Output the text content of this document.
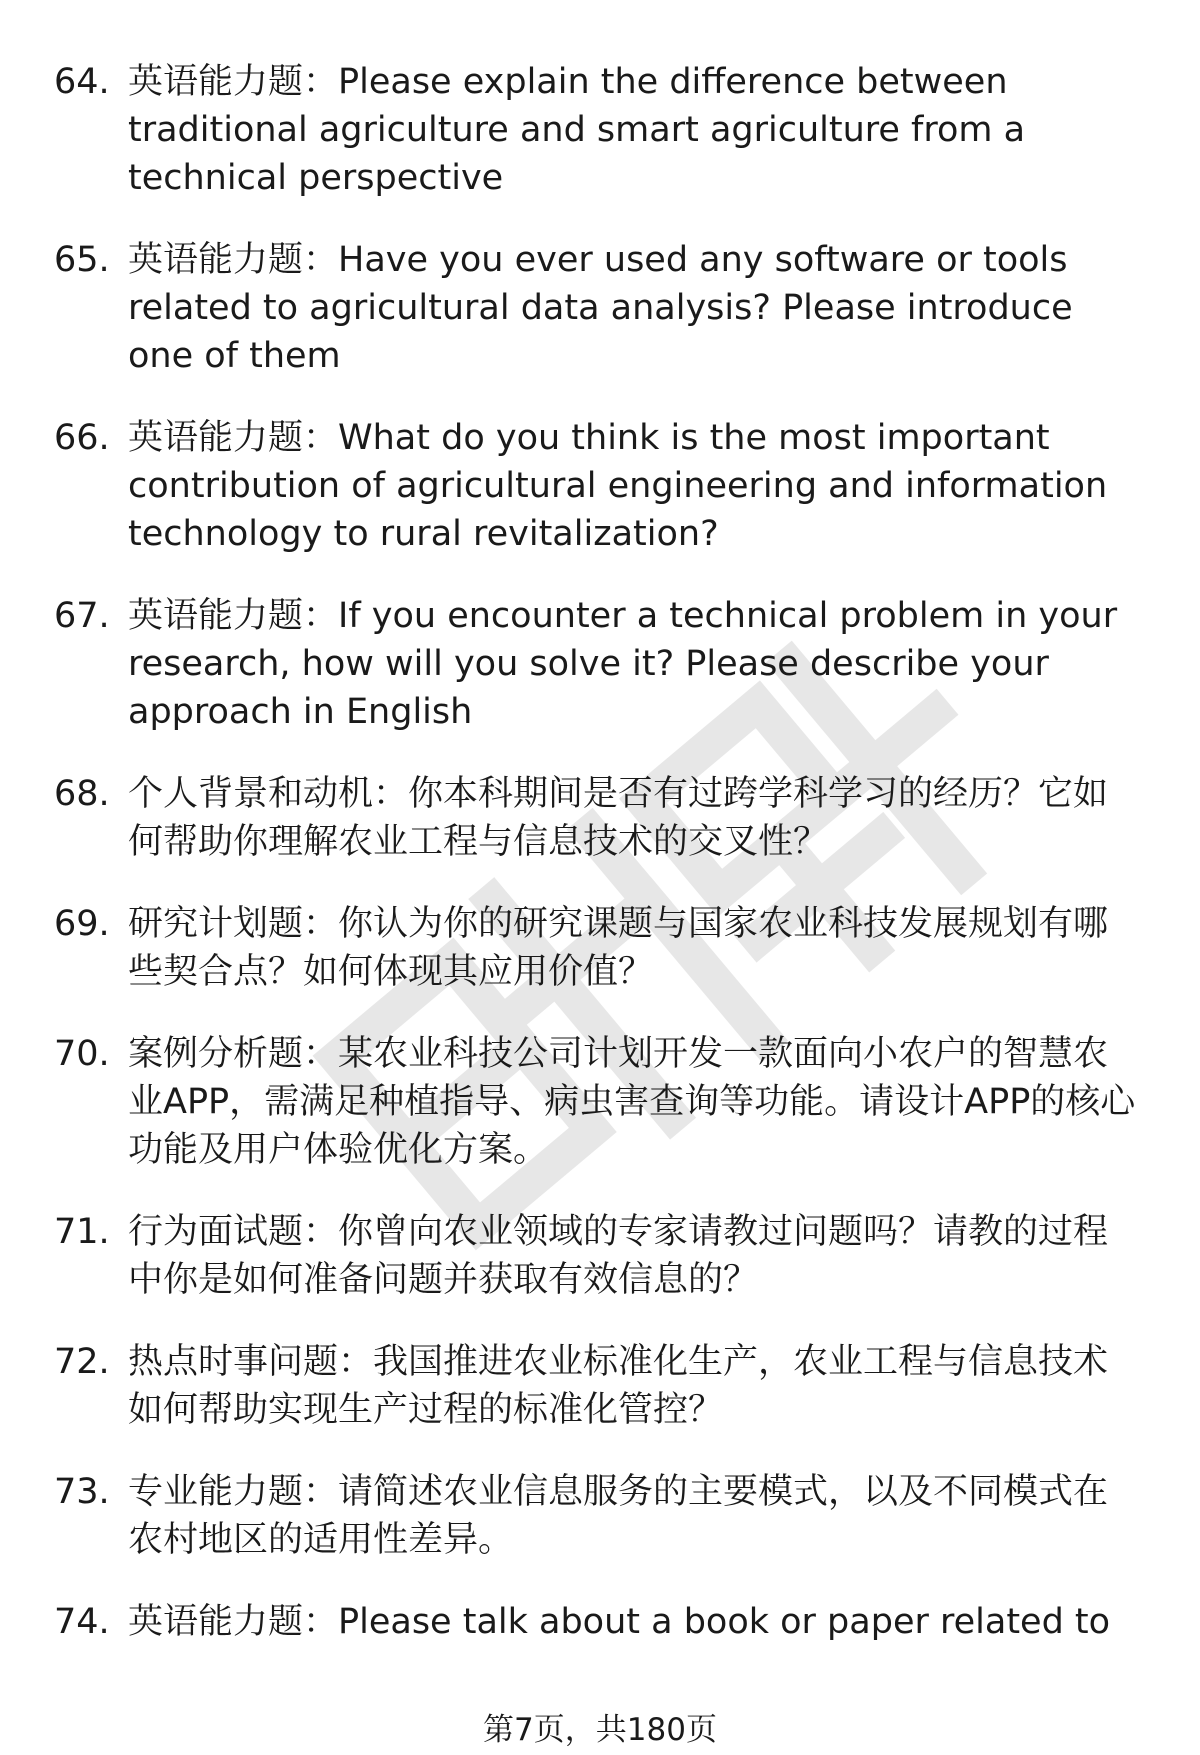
64. 英语能力题：Please explain the difference between traditional agriculture and smart agriculture from a technical perspective
65. 英语能力题：Have you ever used any software or tools related to agricultural data analysis? Please introduce one of them
66. 英语能力题：What do you think is the most important contribution of agricultural engineering and information technology to rural revitalization?
67. 英语能力题：If you encounter a technical problem in your research, how will you solve it? Please describe your approach in English
68. 个人背景和动机：你本科期间是否有过跨学科学习的经历？它如何帮助你理解农业工程与信息技术的交叉性？
69. 研究计划题：你认为你的研究课题与国家农业科技发展规划有哪些契合点？如何体现其应用价值？
70. 案例分析题：某农业科技公司计划开发一款面向小农户的智慧农业APP，需满足种植指导、病虫害查询等功能。请设计APP的核心功能及用户体验优化方案。
71. 行为面试题：你曾向农业领域的专家请教过问题吗？请教的过程中你是如何准备问题并获取有效信息的？
72. 热点时事问题：我国推进农业标准化生产，农业工程与信息技术如何帮助实现生产过程的标准化管控？
73. 专业能力题：请简述农业信息服务的主要模式，以及不同模式在农村地区的适用性差异。
74. 英语能力题：Please talk about a book or paper related to
第7页，共180页
